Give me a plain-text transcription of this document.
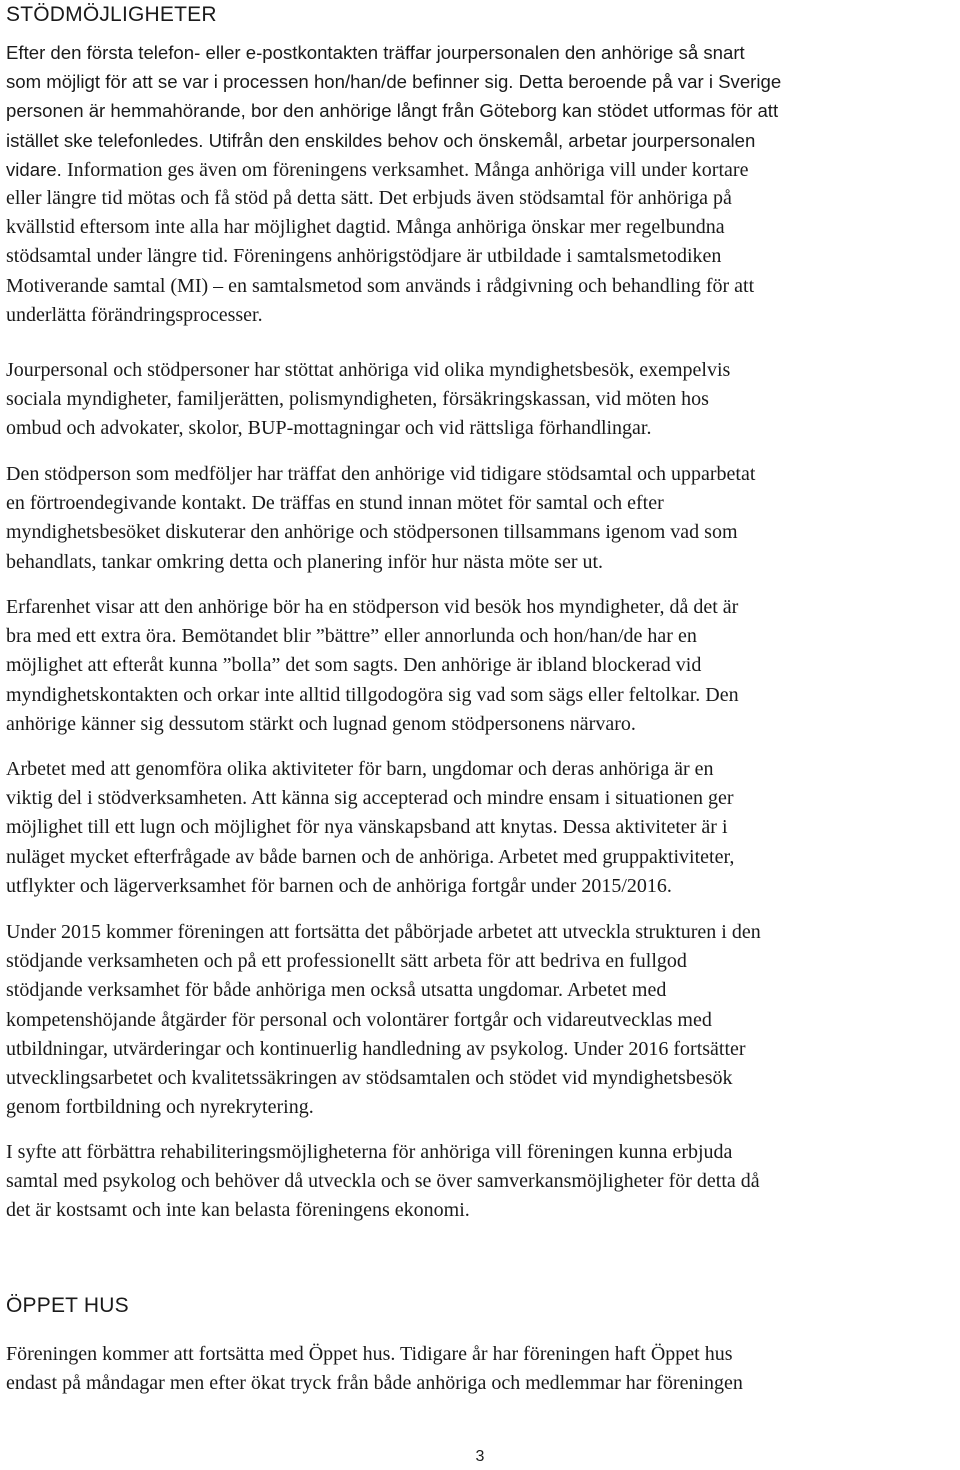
STÖDMÖJLIGHETER
Efter den första telefon- eller e-postkontakten träffar jourpersonalen den anhörige så snart
som möjligt för att se var i processen hon/han/de befinner sig. Detta beroende på var i Sverige
personen är hemmahörande, bor den anhörige långt från Göteborg kan stödet utformas för att
istället ske telefonledes. Utifrån den enskildes behov och önskemål, arbetar jourpersonalen
vidare. Information ges även om föreningens verksamhet. Många anhöriga vill under kortare
eller längre tid mötas och få stöd på detta sätt. Det erbjuds även stödsamtal för anhöriga på
kvällstid eftersom inte alla har möjlighet dagtid. Många anhöriga önskar mer regelbundna
stödsamtal under längre tid. Föreningens anhörigstödjare är utbildade i samtalsmetodiken
Motiverande samtal (MI) – en samtalsmetod som används i rådgivning och behandling för att
underlätta förändringsprocesser.
Jourpersonal och stödpersoner har stöttat anhöriga vid olika myndighetsbesök, exempelvis
sociala myndigheter, familjerätten, polismyndigheten, försäkringskassan, vid möten hos
ombud och advokater, skolor, BUP-mottagningar och vid rättsliga förhandlingar.
Den stödperson som medföljer har träffat den anhörige vid tidigare stödsamtal och upparbetat
en förtroendegivande kontakt. De träffas en stund innan mötet för samtal och efter
myndighetsbesöket diskuterar den anhörige och stödpersonen tillsammans igenom vad som
behandlats, tankar omkring detta och planering inför hur nästa möte ser ut.
Erfarenhet visar att den anhörige bör ha en stödperson vid besök hos myndigheter, då det är
bra med ett extra öra. Bemötandet blir ”bättre” eller annorlunda och hon/han/de har en
möjlighet att efteråt kunna ”bolla” det som sagts. Den anhörige är ibland blockerad vid
myndighetskontakten och orkar inte alltid tillgodogöra sig vad som sägs eller feltolkar. Den
anhörige känner sig dessutom stärkt och lugnad genom stödpersonens närvaro.
Arbetet med att genomföra olika aktiviteter för barn, ungdomar och deras anhöriga är en
viktig del i stödverksamheten. Att känna sig accepterad och mindre ensam i situationen ger
möjlighet till ett lugn och möjlighet för nya vänskapsband att knytas. Dessa aktiviteter är i
nuläget mycket efterfrågade av både barnen och de anhöriga. Arbetet med gruppaktiviteter,
utflykter och lägerverksamhet för barnen och de anhöriga fortgår under 2015/2016.
Under 2015 kommer föreningen att fortsätta det påbörjade arbetet att utveckla strukturen i den
stödjande verksamheten och på ett professionellt sätt arbeta för att bedriva en fullgod
stödjande verksamhet för både anhöriga men också utsatta ungdomar. Arbetet med
kompetenshöjande åtgärder för personal och volontärer fortgår och vidareutvecklas med
utbildningar, utvärderingar och kontinuerlig handledning av psykolog. Under 2016 fortsätter
utvecklingsarbetet och kvalitetssäkringen av stödsamtalen och stödet vid myndighetsbesök
genom fortbildning och nyrekrytering.
I syfte att förbättra rehabiliteringsmöjligheterna för anhöriga vill föreningen kunna erbjuda
samtal med psykolog och behöver då utveckla och se över samverkansmöjligheter för detta då
det är kostsamt och inte kan belasta föreningens ekonomi.
ÖPPET HUS
Föreningen kommer att fortsätta med Öppet hus. Tidigare år har föreningen haft Öppet hus
endast på måndagar men efter ökat tryck från både anhöriga och medlemmar har föreningen
3
